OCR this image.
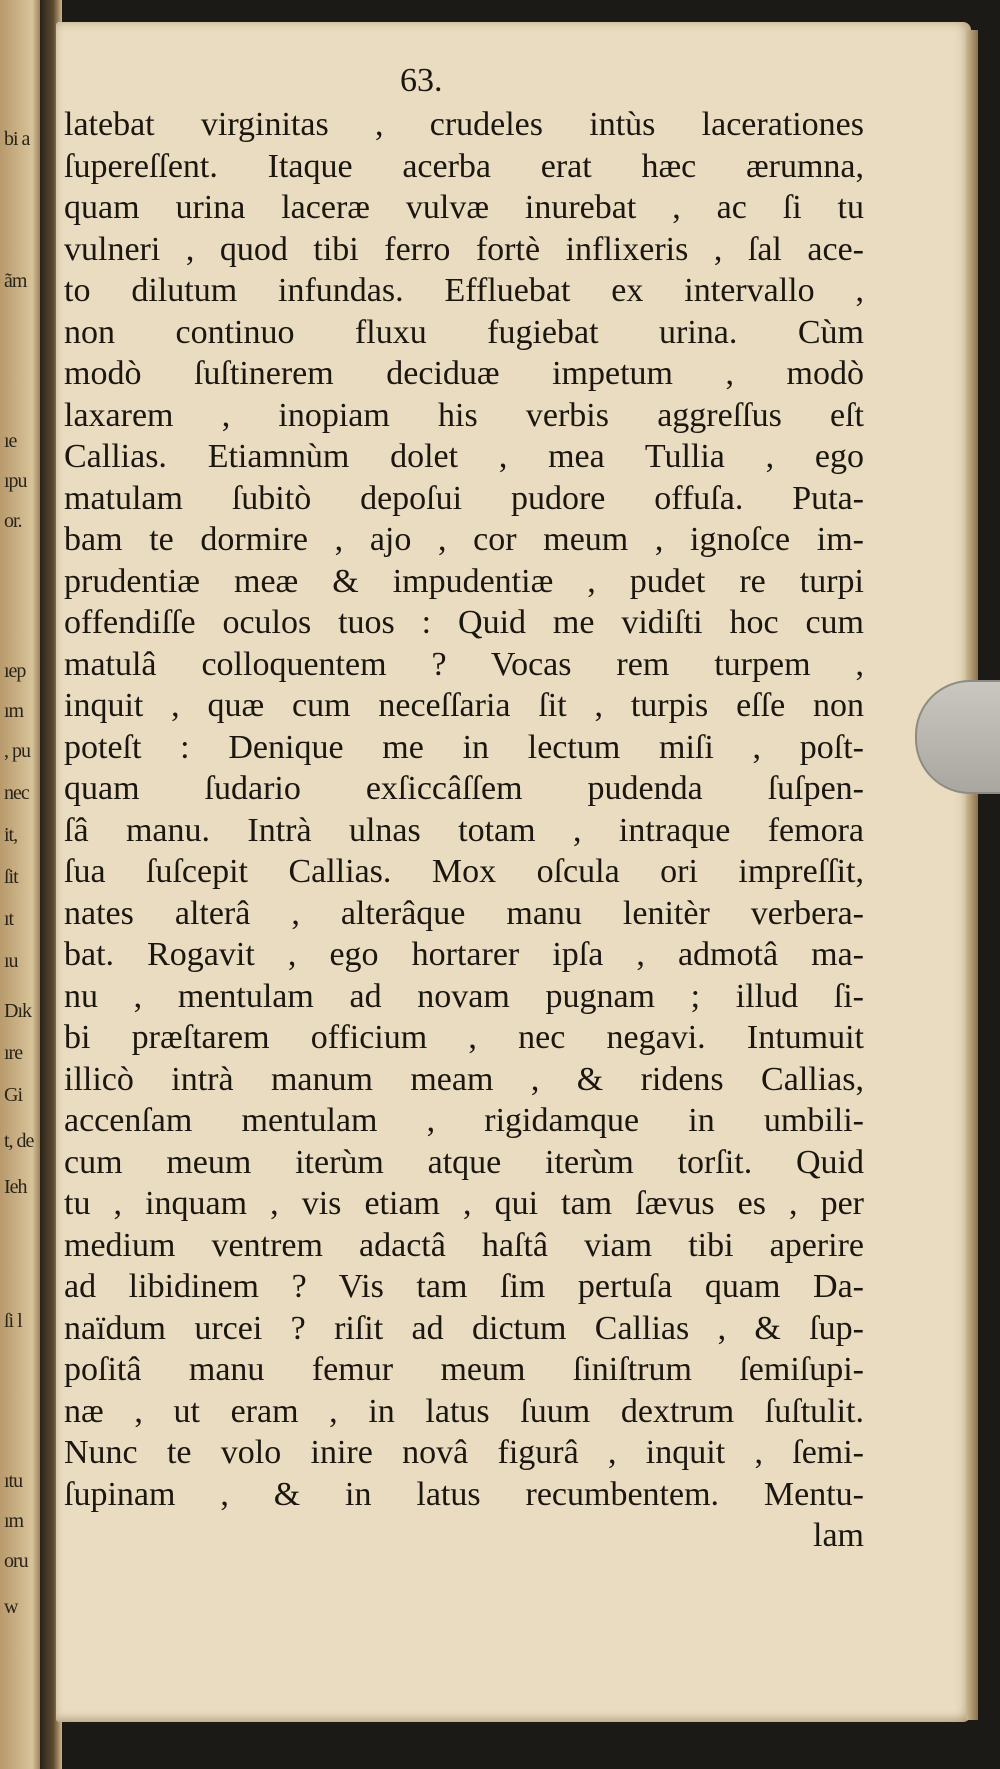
bi a
ãm
ıe
ıpu
or.
ıep
ım
, pu
nec
it,
ſit
ıt
ıu
Dık
ıre
Gi
t, de
Ieh
ſi l
ıtu
ım
oru
w
63.
latebat virginitas , crudeles intùs lacerationes
ſupereſſent. Itaque acerba erat hæc ærumna,
quam urina laceræ vulvæ inurebat , ac ſi tu
vulneri , quod tibi ferro fortè inflixeris , ſal ace-
to dilutum infundas. Effluebat ex intervallo ,
non continuo fluxu fugiebat urina. Cùm
modò ſuſtinerem deciduæ impetum , modò
laxarem , inopiam his verbis aggreſſus eſt
Callias. Etiamnùm dolet , mea Tullia , ego
matulam ſubitò depoſui pudore offuſa. Puta-
bam te dormire , ajo , cor meum , ignoſce im-
prudentiæ meæ & impudentiæ , pudet re turpi
offendiſſe oculos tuos : Quid me vidiſti hoc cum
matulâ colloquentem ? Vocas rem turpem ,
inquit , quæ cum neceſſaria ſit , turpis eſſe non
poteſt : Denique me in lectum miſi , poſt-
quam ſudario exſiccâſſem pudenda ſuſpen-
ſâ manu. Intrà ulnas totam , intraque femora
ſua ſuſcepit Callias. Mox oſcula ori impreſſit,
nates alterâ , alterâque manu lenitèr verbera-
bat. Rogavit , ego hortarer ipſa , admotâ ma-
nu , mentulam ad novam pugnam ; illud ſi-
bi præſtarem officium , nec negavi. Intumuit
illicò intrà manum meam , & ridens Callias,
accenſam mentulam , rigidamque in umbili-
cum meum iterùm atque iterùm torſit. Quid
tu , inquam , vis etiam , qui tam ſævus es , per
medium ventrem adactâ haſtâ viam tibi aperire
ad libidinem ? Vis tam ſim pertuſa quam Da-
naïdum urcei ? riſit ad dictum Callias , & ſup-
poſitâ manu femur meum ſiniſtrum ſemiſupi-
næ , ut eram , in latus ſuum dextrum ſuſtulit.
Nunc te volo inire novâ figurâ , inquit , ſemi-
ſupinam , & in latus recumbentem. Mentu-
lam
